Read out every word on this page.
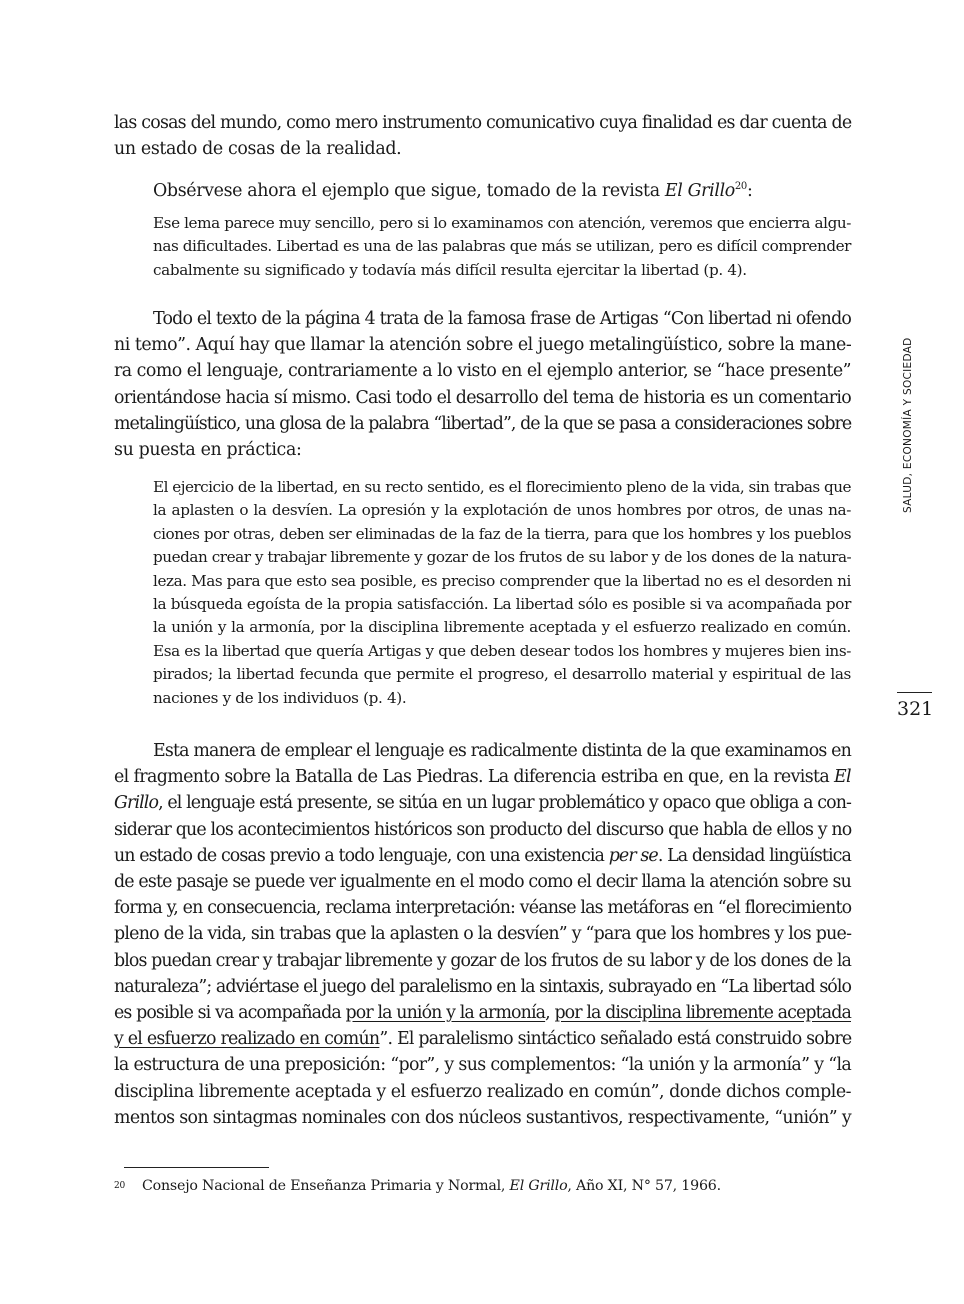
las cosas del mundo, como mero instrumento comunicativo cuya finalidad es dar cuenta de
un estado de cosas de la realidad.
Obsérvese ahora el ejemplo que sigue, tomado de la revista El Grillo$^{20}$:
Ese lema parece muy sencillo, pero si lo examinamos con atención, veremos que encierra algu-
nas dificultades. Libertad es una de las palabras que más se utilizan, pero es difícil comprender
cabalmente su significado y todavía más difícil resulta ejercitar la libertad (p. 4).
Todo el texto de la página 4 trata de la famosa frase de Artigas “Con libertad ni ofendo
ni temo”. Aquí hay que llamar la atención sobre el juego metalingüístico, sobre la mane-
ra como el lenguaje, contrariamente a lo visto en el ejemplo anterior, se “hace presente”
orientándose hacia sí mismo. Casi todo el desarrollo del tema de historia es un comentario
metalingüístico, una glosa de la palabra “libertad”, de la que se pasa a consideraciones sobre
su puesta en práctica:
El ejercicio de la libertad, en su recto sentido, es el florecimiento pleno de la vida, sin trabas que
la aplasten o la desvíen. La opresión y la explotación de unos hombres por otros, de unas na-
ciones por otras, deben ser eliminadas de la faz de la tierra, para que los hombres y los pueblos
puedan crear y trabajar libremente y gozar de los frutos de su labor y de los dones de la natura-
leza. Mas para que esto sea posible, es preciso comprender que la libertad no es el desorden ni
la búsqueda egoísta de la propia satisfacción. La libertad sólo es posible si va acompañada por
la unión y la armonía, por la disciplina libremente aceptada y el esfuerzo realizado en común.
Esa es la libertad que quería Artigas y que deben desear todos los hombres y mujeres bien ins-
pirados; la libertad fecunda que permite el progreso, el desarrollo material y espiritual de las
naciones y de los individuos (p. 4).
Esta manera de emplear el lenguaje es radicalmente distinta de la que examinamos en
el fragmento sobre la Batalla de Las Piedras. La diferencia estriba en que, en la revista El
Grillo, el lenguaje está presente, se sitúa en un lugar problemático y opaco que obliga a con-
siderar que los acontecimientos históricos son producto del discurso que habla de ellos y no
un estado de cosas previo a todo lenguaje, con una existencia per se. La densidad lingüística
de este pasaje se puede ver igualmente en el modo como el decir llama la atención sobre su
forma y, en consecuencia, reclama interpretación: véanse las metáforas en “el florecimiento
pleno de la vida, sin trabas que la aplasten o la desvíen” y “para que los hombres y los pue-
blos puedan crear y trabajar libremente y gozar de los frutos de su labor y de los dones de la
naturaleza”; adviértase el juego del paralelismo en la sintaxis, subrayado en “La libertad sólo
es posible si va acompañada por la unión y la armonía, por la disciplina libremente aceptada
y el esfuerzo realizado en común”. El paralelismo sintáctico señalado está construido sobre
la estructura de una preposición: “por”, y sus complementos: “la unión y la armonía” y “la
disciplina libremente aceptada y el esfuerzo realizado en común”, donde dichos comple-
mentos son sintagmas nominales con dos núcleos sustantivos, respectivamente, “unión” y
SALUD, ECONOMÍA Y SOCIEDAD
321
20 Consejo Nacional de Enseñanza Primaria y Normal, El Grillo, Año XI, N° 57, 1966.
